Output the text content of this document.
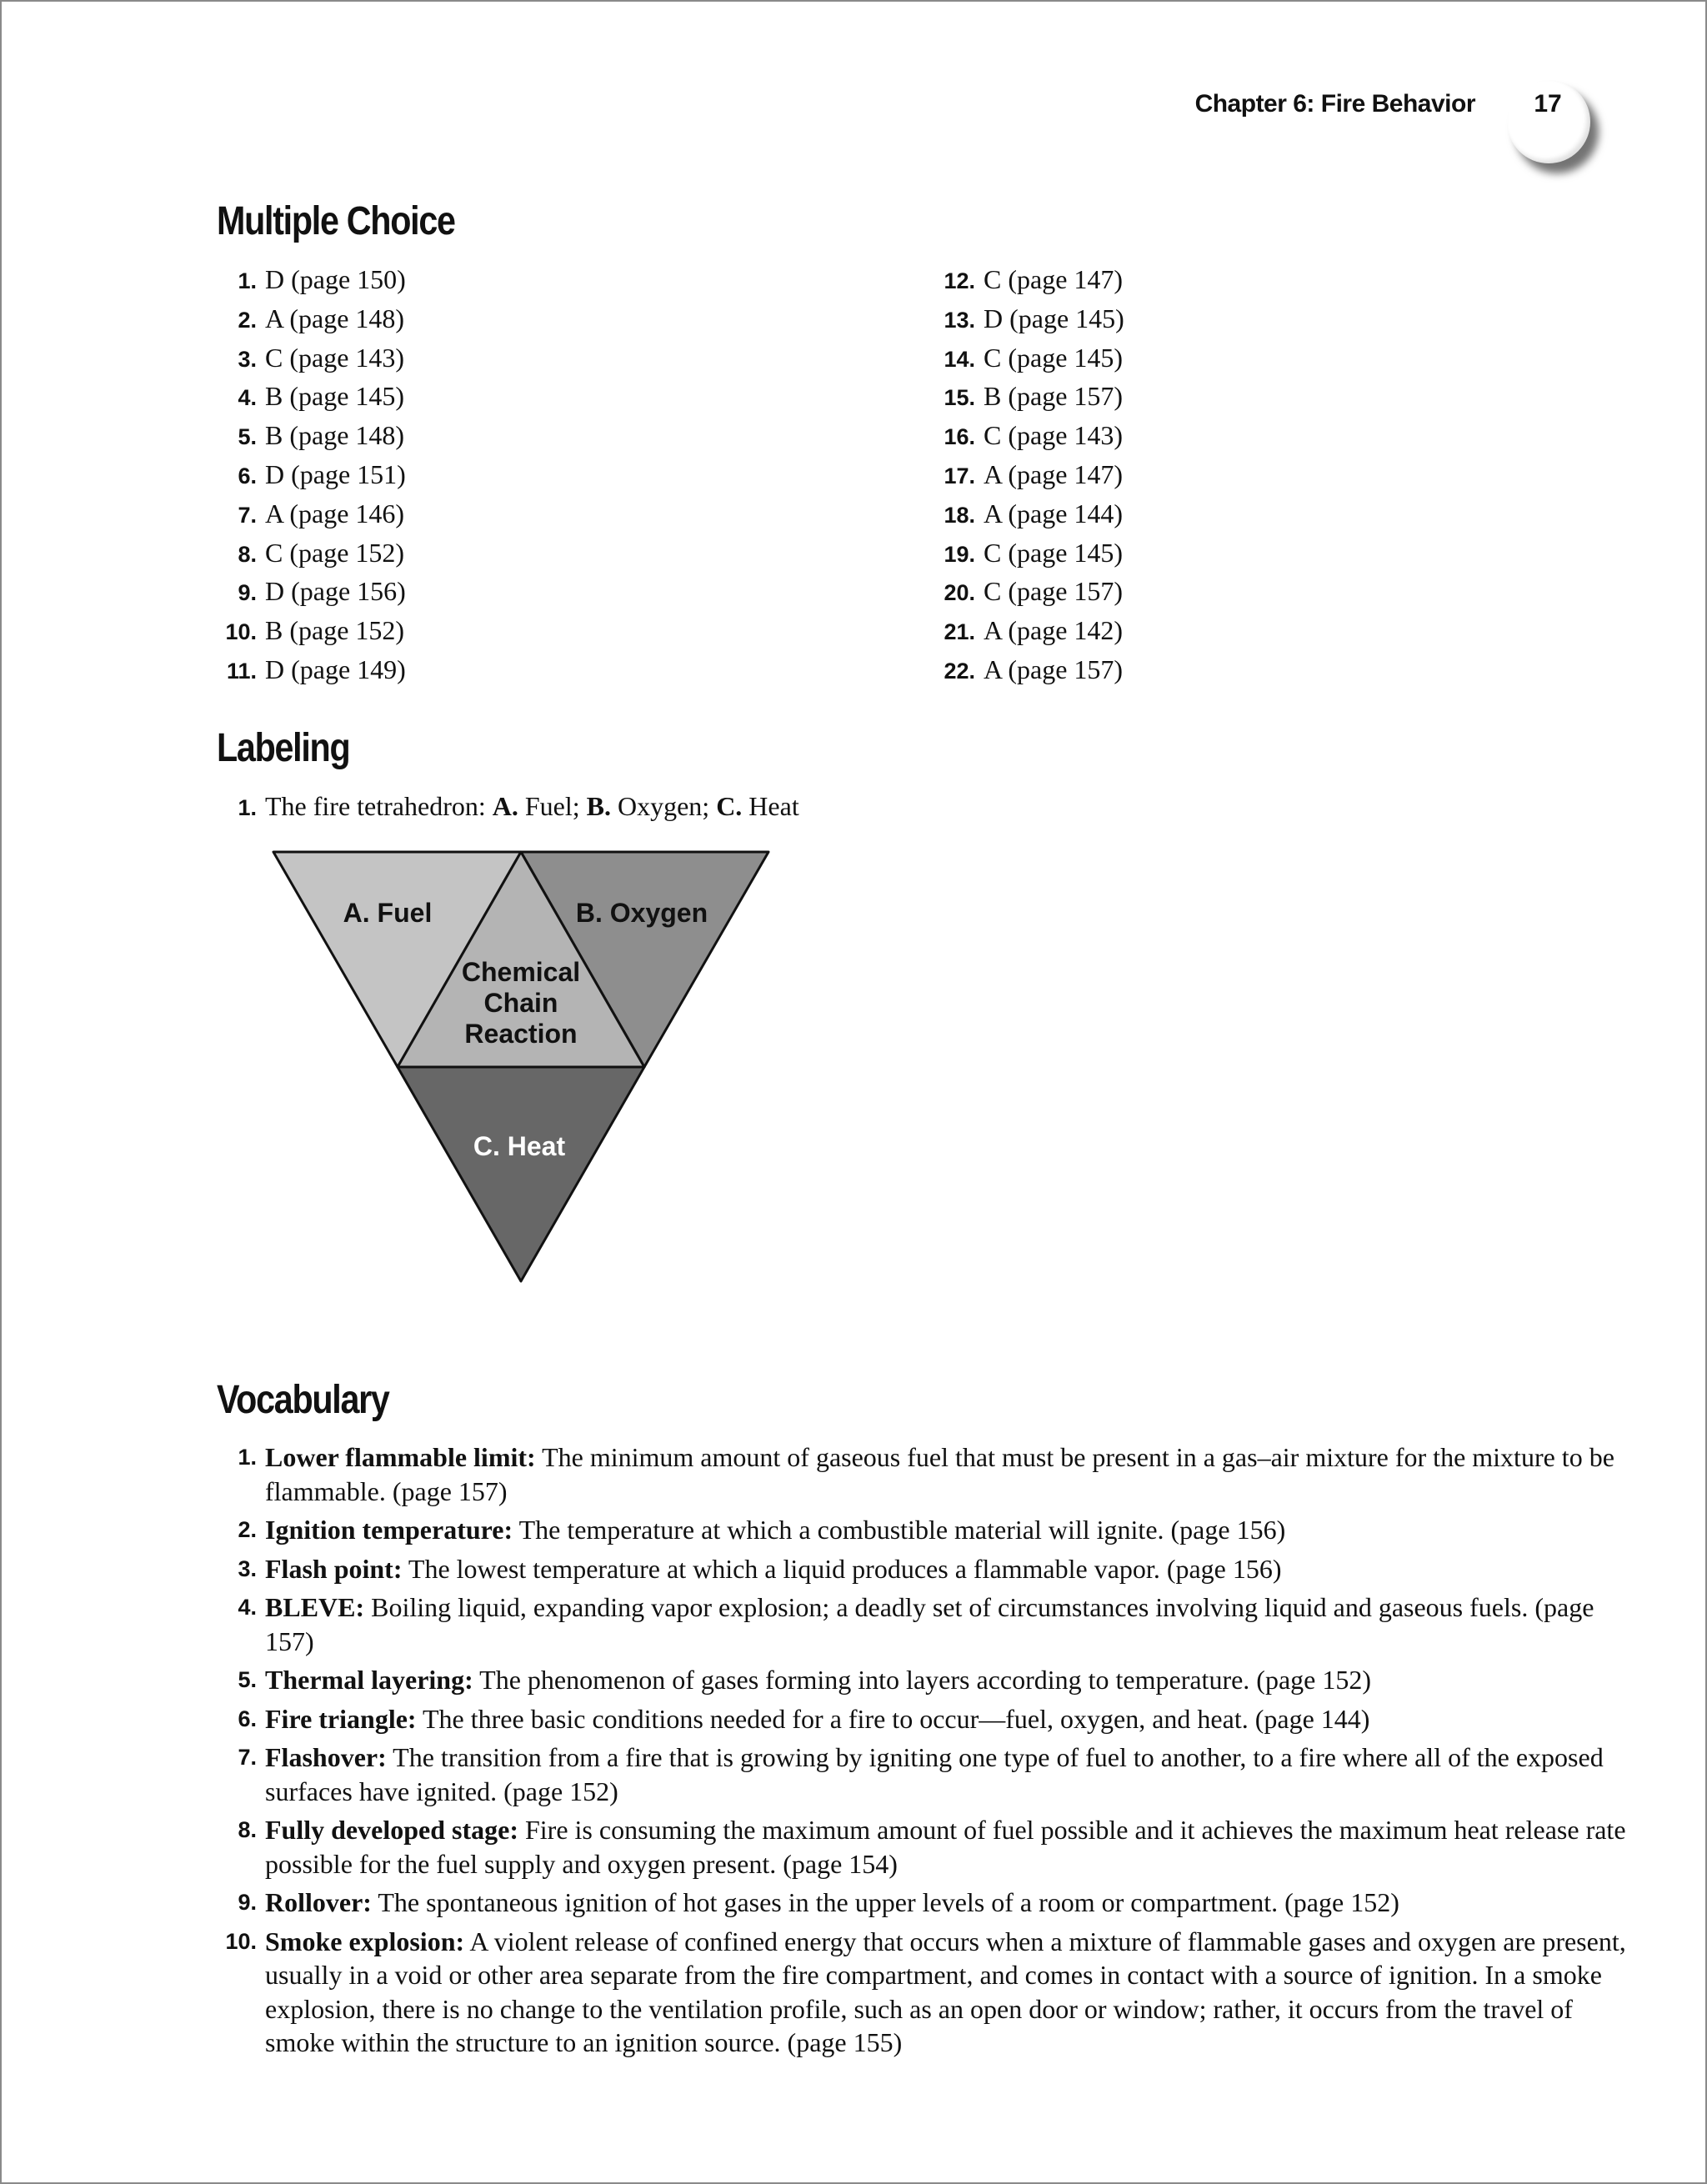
Chapter 6: Fire Behavior 17
Multiple Choice
1. D (page 150)
2. A (page 148)
3. C (page 143)
4. B (page 145)
5. B (page 148)
6. D (page 151)
7. A (page 146)
8. C (page 152)
9. D (page 156)
10. B (page 152)
11. D (page 149)
12. C (page 147)
13. D (page 145)
14. C (page 145)
15. B (page 157)
16. C (page 143)
17. A (page 147)
18. A (page 144)
19. C (page 145)
20. C (page 157)
21. A (page 142)
22. A (page 157)
Labeling
1. The fire tetrahedron: A. Fuel; B. Oxygen; C. Heat
A. Fuel	B. Oxygen
Chemical
Chain
Reaction
C. Heat
Vocabulary
1. Lower flammable limit: The minimum amount of gaseous fuel that must be present in a gas–air mixture for the mixture to be flammable. (page 157)
2. Ignition temperature: The temperature at which a combustible material will ignite. (page 156)
3. Flash point: The lowest temperature at which a liquid produces a flammable vapor. (page 156)
4. BLEVE: Boiling liquid, expanding vapor explosion; a deadly set of circumstances involving liquid and gaseous fuels. (page 157)
5. Thermal layering: The phenomenon of gases forming into layers according to temperature. (page 152)
6. Fire triangle: The three basic conditions needed for a fire to occur—fuel, oxygen, and heat. (page 144)
7. Flashover: The transition from a fire that is growing by igniting one type of fuel to another, to a fire where all of the exposed surfaces have ignited. (page 152)
8. Fully developed stage: Fire is consuming the maximum amount of fuel possible and it achieves the maximum heat release rate possible for the fuel supply and oxygen present. (page 154)
9. Rollover: The spontaneous ignition of hot gases in the upper levels of a room or compartment. (page 152)
10. Smoke explosion: A violent release of confined energy that occurs when a mixture of flammable gases and oxygen are present, usually in a void or other area separate from the fire compartment, and comes in contact with a source of ignition. In a smoke explosion, there is no change to the ventilation profile, such as an open door or window; rather, it occurs from the travel of smoke within the structure to an ignition source. (page 155)
